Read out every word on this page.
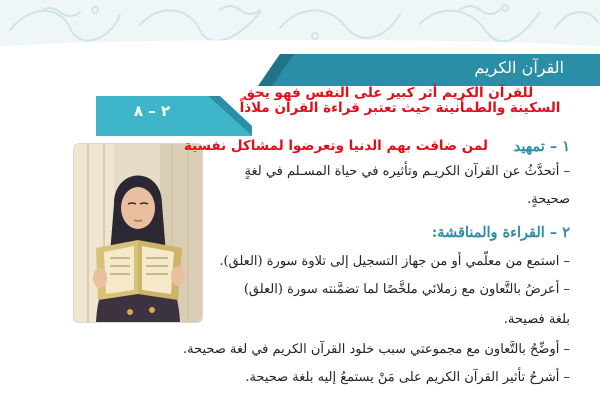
القرآن الكريم
٢ – ٨
للقرآن الكريم أثر كبير على النفس فهو يحق
السكينة والطمأنينة حيث تعتبر قراءة القرآن ملاذاً
١ – تمهيد
لمن ضاقت بهم الدنيا وتعرضوا لمشاكل نفسية
– أتحدَّثُ عن القرآن الكريـم وتأثيره في حياة المسـلم في لغةٍ
صحيحةٍ.
٢ – القراءة والمناقشة:
– استمع من معلّمي أو من جهاز التسجيل إلى تلاوة سورة (العلق).
– أعرضُ بالتَّعاون مع زملائي ملخَّصًا لما تضمَّنته سورة (العلق)
بلغة فصيحة.
– أوضِّحُ بالتَّعاون مع مجموعتي سبب خلود القرآن الكريم في لغة صحيحة.
– أشرحُ تأثير القرآن الكريم على مَنْ يستمعُ إليه بلغة صحيحة.
